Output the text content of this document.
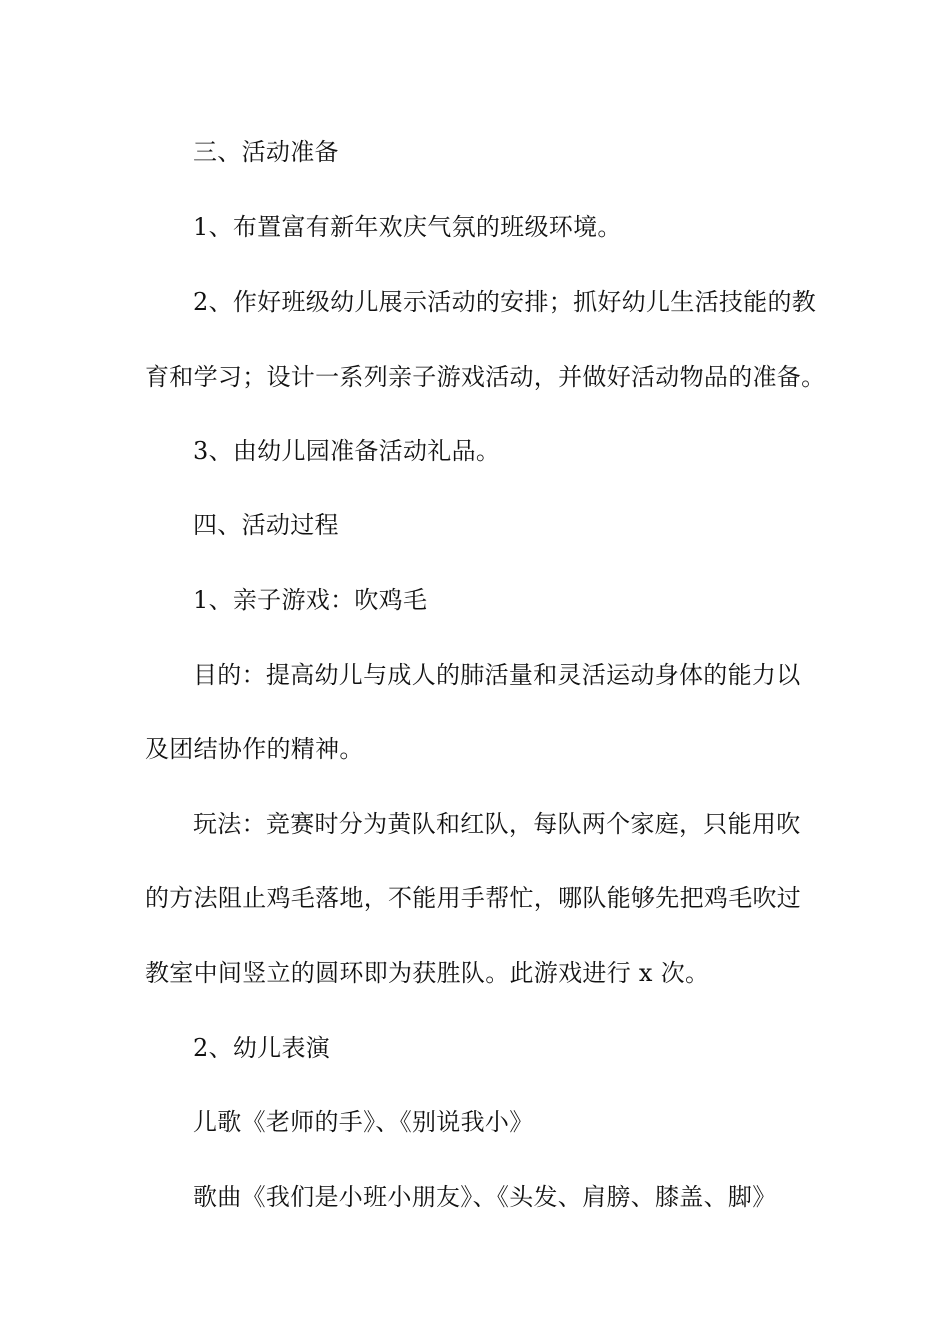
三、活动准备
1、布置富有新年欢庆气氛的班级环境。
2、作好班级幼儿展示活动的安排；抓好幼儿生活技能的教
育和学习；设计一系列亲子游戏活动，并做好活动物品的准备。
3、由幼儿园准备活动礼品。
四、活动过程
1、亲子游戏：吹鸡毛
目的：提高幼儿与成人的肺活量和灵活运动身体的能力以
及团结协作的精神。
玩法：竞赛时分为黄队和红队，每队两个家庭，只能用吹
的方法阻止鸡毛落地，不能用手帮忙，哪队能够先把鸡毛吹过
教室中间竖立的圆环即为获胜队。此游戏进行 x 次。
2、幼儿表演
儿歌《老师的手》、《别说我小》
歌曲《我们是小班小朋友》、《头发、肩膀、膝盖、脚》
